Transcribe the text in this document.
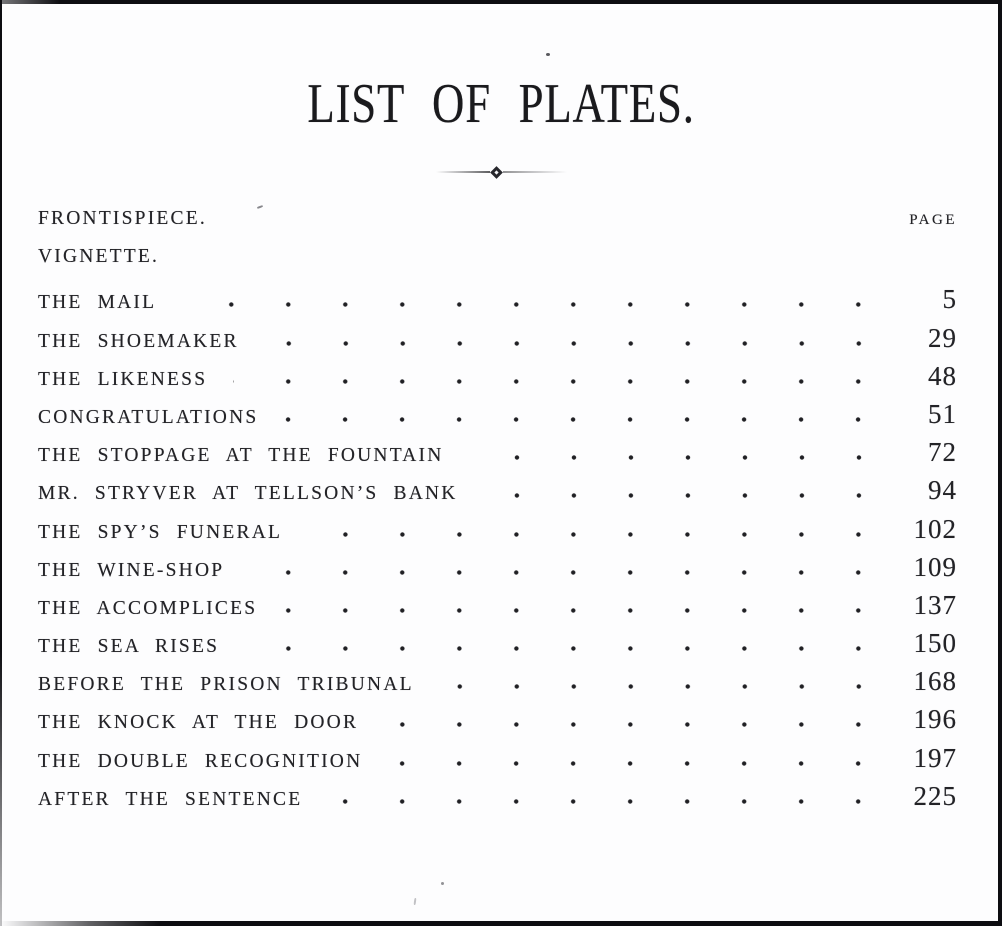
LIST OF PLATES.
FRONTISPIECE.	PAGE
VIGNETTE.
THE MAIL	5
THE SHOEMAKER	29
THE LIKENESS	48
CONGRATULATIONS	51
THE STOPPAGE AT THE FOUNTAIN	72
MR. STRYVER AT TELLSON’S BANK	94
THE SPY’S FUNERAL	102
THE WINE-SHOP	109
THE ACCOMPLICES	137
THE SEA RISES	150
BEFORE THE PRISON TRIBUNAL	168
THE KNOCK AT THE DOOR	196
THE DOUBLE RECOGNITION	197
AFTER THE SENTENCE	225
